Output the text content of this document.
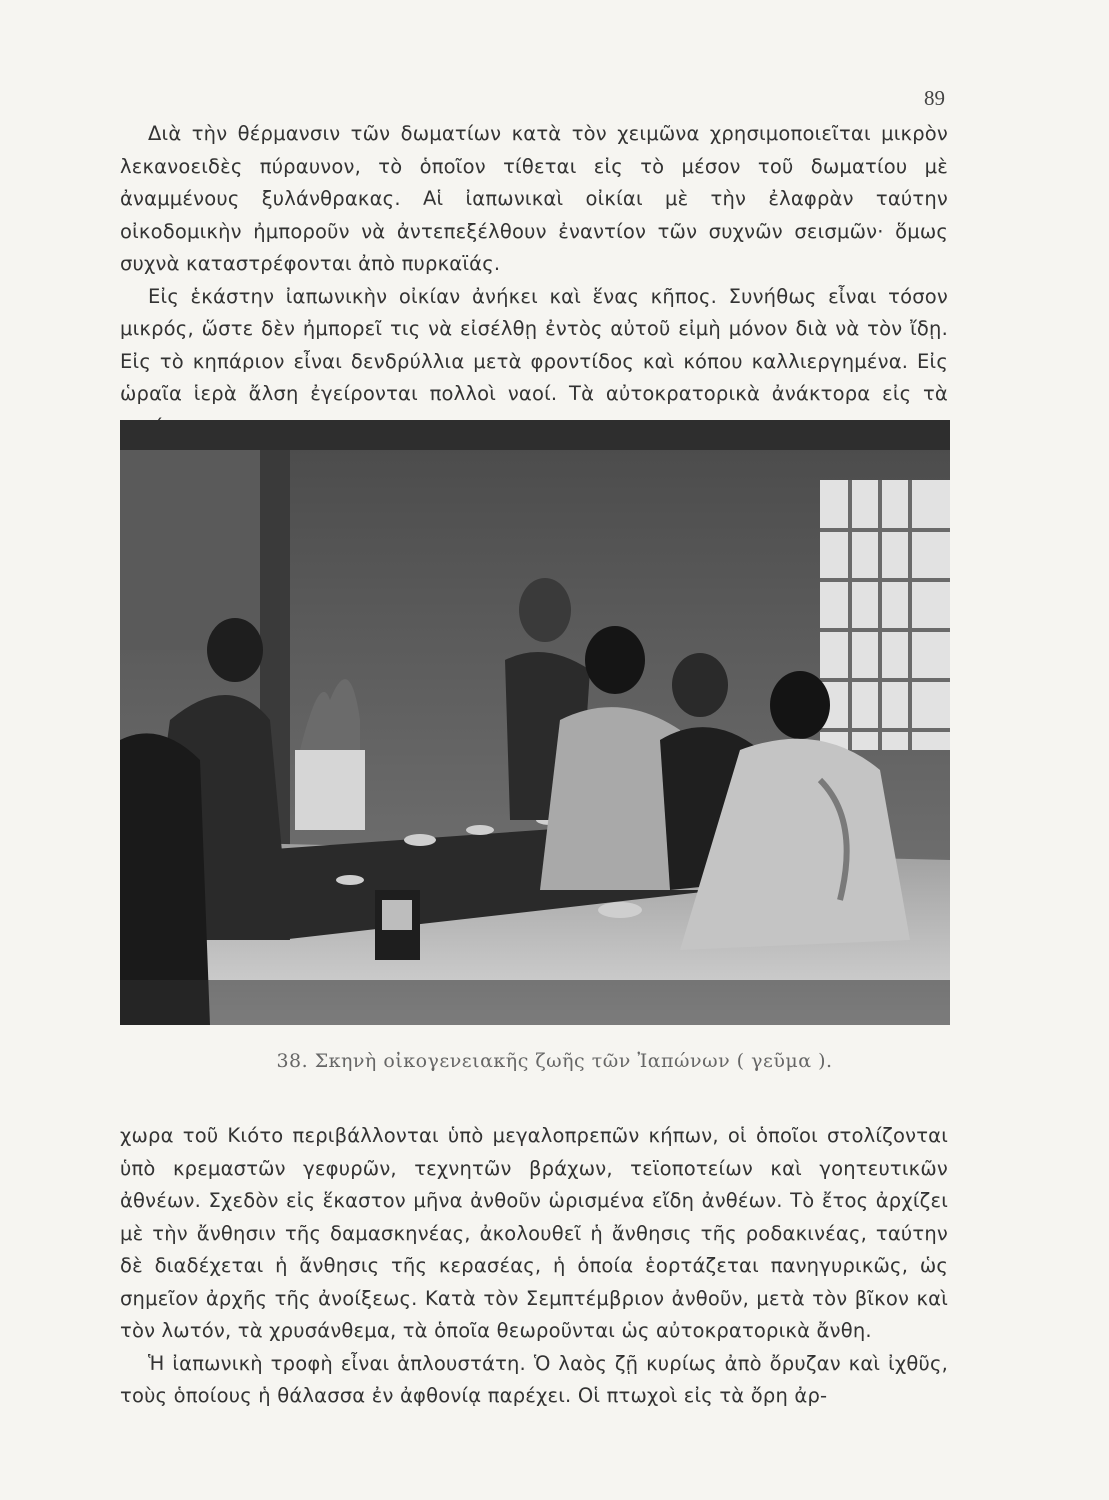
89

Διὰ τὴν θέρμανσιν τῶν δωματίων κατὰ τὸν χειμῶνα χρησιμοποιεῖται μικρὸν λεκανοειδὲς πύραυνον, τὸ ὁποῖον τίθεται εἰς τὸ μέσον τοῦ δωματίου μὲ ἀναμμένους ξυλάνθρακας. Αἱ ἰαπωνικαὶ οἰκίαι μὲ τὴν ἐλαφρὰν ταύτην οἰκοδομικὴν ἠμποροῦν νὰ ἀντεπεξέλθουν ἐναντίον τῶν συχνῶν σεισμῶν· ὅμως συχνὰ καταστρέφονται ἀπὸ πυρκαϊάς.

Εἰς ἑκάστην ἰαπωνικὴν οἰκίαν ἀνήκει καὶ ἕνας κῆπος. Συνήθως εἶναι τόσον μικρός, ὥστε δὲν ἠμπορεῖ τις νὰ εἰσέλθῃ ἐντὸς αὐτοῦ εἰμὴ μόνον διὰ νὰ τὸν ἴδῃ. Εἰς τὸ κηπάριον εἶναι δενδρύλλια μετὰ φροντίδος καὶ κόπου καλλιεργημένα. Εἰς ὡραῖα ἱερὰ ἄλση ἐγείρονται πολλοὶ ναοί. Τὰ αὐτοκρατορικὰ ἀνάκτορα εἰς τὰ

38. Σκηνὴ οἰκογενειακῆς ζωῆς τῶν Ἰαπώνων ( γεῦμα ).

χωρα τοῦ Κιότο περιβάλλονται ὑπὸ μεγαλοπρεπῶν κήπων, οἱ ὁποῖοι στολίζονται ὑπὸ κρεμαστῶν γεφυρῶν, τεχνητῶν βράχων, τεϊοποτείων καὶ γοητευτικῶν ἀθνέων. Σχεδὸν εἰς ἕκαστον μῆνα ἀνθοῦν ὡρισμένα εἴδη ἀνθέων. Τὸ ἔτος ἀρχίζει μὲ τὴν ἄνθησιν τῆς δαμασκηνέας, ἀκολουθεῖ ἡ ἄνθησις τῆς ροδακινέας, ταύτην δὲ διαδέχεται ἡ ἄνθησις τῆς κερασέας, ἡ ὁποία ἑορτάζεται πανηγυρικῶς, ὡς σημεῖον ἀρχῆς τῆς ἀνοίξεως. Κατὰ τὸν Σεμπτέμβριον ἀνθοῦν, μετὰ τὸν βῖκον καὶ τὸν λωτόν, τὰ χρυσάνθεμα, τὰ ὁποῖα θεωροῦνται ὡς αὐτοκρατορικὰ ἄνθη.

Ἡ ἰαπωνικὴ τροφὴ εἶναι ἁπλουστάτη. Ὁ λαὸς ζῇ κυρίως ἀπὸ ὄρυζαν καὶ ἰχθῦς, τοὺς ὁποίους ἡ θάλασσα ἐν ἀφθονίᾳ παρέχει. Οἱ πτωχοὶ εἰς τὰ ὄρη ἀρ-
